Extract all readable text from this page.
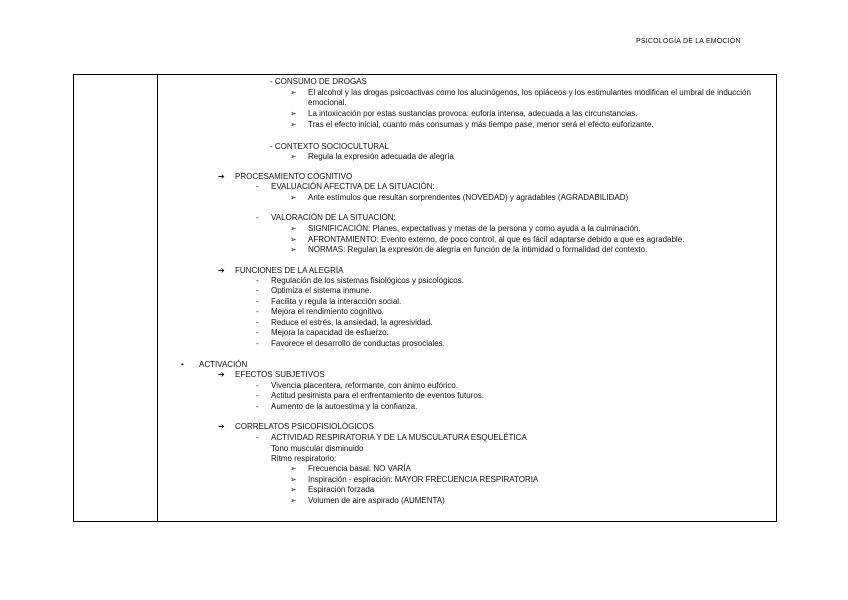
PSICOLOGÍA DE LA EMOCIÓN
- CONSUMO DE DROGAS
➢ El alcohol y las drogas psicoactivas como los alucinógenos, los opiáceos y los estimulantes modifican el umbral de inducción emocional.
➢ La intoxicación por estas sustancias provoca: euforia intensa, adecuada a las circunstancias.
➢ Tras el efecto inicial, cuanto más consumas y más tiempo pase, menor será el efecto euforizante.
- CONTEXTO SOCIOCULTURAL
➢ Regula la expresión adecuada de alegría
➔ PROCESAMIENTO COGNITIVO
- EVALUACIÓN AFECTIVA DE LA SITUACIÓN:
➢ Ante estímulos que resultan sorprendentes (NOVEDAD) y agradables (AGRADABILIDAD)
- VALORACIÓN DE LA SITUACIÓN:
➢ SIGNIFICACIÓN: Planes, expectativas y metas de la persona y como ayuda a la culminación.
➢ AFRONTAMIENTO: Evento externo, de poco control, al que es fácil adaptarse debido a que es agradable.
➢ NORMAS: Regulan la expresión de alegría en función de la intimidad o formalidad del contexto.
➔ FUNCIONES DE LA ALEGRÍA
- Regulación de los sistemas fisiológicos y psicológicos.
- Optimiza el sistema inmune.
- Facilita y regula la interacción social.
- Mejora el rendimiento cognitivo.
- Reduce el estrés, la ansiedad, la agresividad.
- Mejora la capacidad de esfuerzo.
- Favorece el desarrollo de conductas prosociales.
• ACTIVACIÓN
➔ EFECTOS SUBJETIVOS
- Vivencia placentera, reformante, con ánimo eufórico.
- Actitud pesimista para el enfrentamiento de eventos futuros.
- Aumento de la autoestima y la confianza.
➔ CORRELATOS PSICOFISIOLÓGICOS
- ACTIVIDAD RESPIRATORIA Y DE LA MUSCULATURA ESQUELÉTICA
Tono muscular disminuido
Ritmo respiratorio:
➢ Frecuencia basal: NO VARÍA
➢ Inspiración - espiración: MAYOR FRECUENCIA RESPIRATORIA
➢ Espiración forzada
➢ Volumen de aire aspirado (AUMENTA)
